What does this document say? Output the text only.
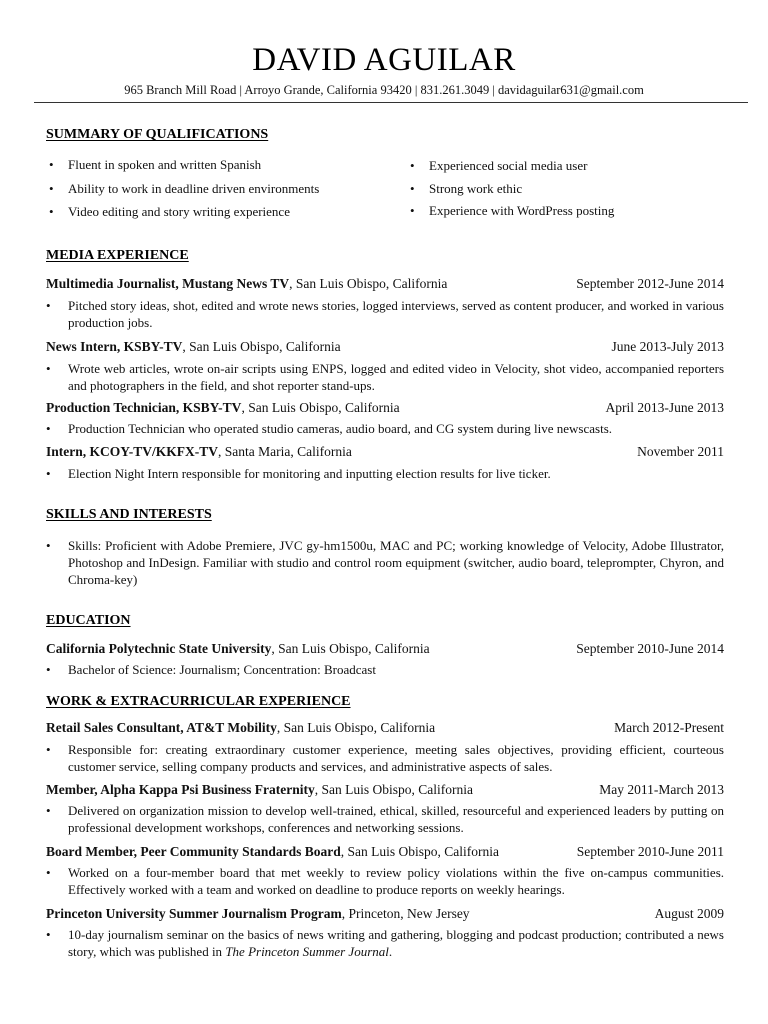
DAVID AGUILAR
965 Branch Mill Road | Arroyo Grande, California 93420 | 831.261.3049 | davidaguilar631@gmail.com
SUMMARY OF QUALIFICATIONS
• Fluent in spoken and written Spanish
• Ability to work in deadline driven environments
• Video editing and story writing experience
• Experienced social media user
• Strong work ethic
• Experience with WordPress posting
MEDIA EXPERIENCE
Multimedia Journalist, Mustang News TV, San Luis Obispo, California	September 2012-June 2014
• Pitched story ideas, shot, edited and wrote news stories, logged interviews, served as content producer, and worked in various production jobs.
News Intern, KSBY-TV, San Luis Obispo, California	June 2013-July 2013
• Wrote web articles, wrote on-air scripts using ENPS, logged and edited video in Velocity, shot video, accompanied reporters and photographers in the field, and shot reporter stand-ups.
Production Technician, KSBY-TV, San Luis Obispo, California	April 2013-June 2013
• Production Technician who operated studio cameras, audio board, and CG system during live newscasts.
Intern, KCOY-TV/KKFX-TV, Santa Maria, California	November 2011
• Election Night Intern responsible for monitoring and inputting election results for live ticker.
SKILLS AND INTERESTS
• Skills: Proficient with Adobe Premiere, JVC gy-hm1500u, MAC and PC; working knowledge of Velocity, Adobe Illustrator, Photoshop and InDesign. Familiar with studio and control room equipment (switcher, audio board, teleprompter, Chyron, and Chroma-key)
EDUCATION
California Polytechnic State University, San Luis Obispo, California	September 2010-June 2014
• Bachelor of Science: Journalism; Concentration: Broadcast
WORK & EXTRACURRICULAR EXPERIENCE
Retail Sales Consultant, AT&T Mobility, San Luis Obispo, California	March 2012-Present
• Responsible for: creating extraordinary customer experience, meeting sales objectives, providing efficient, courteous customer service, selling company products and services, and administrative aspects of sales.
Member, Alpha Kappa Psi Business Fraternity, San Luis Obispo, California	May 2011-March 2013
• Delivered on organization mission to develop well-trained, ethical, skilled, resourceful and experienced leaders by putting on professional development workshops, conferences and networking sessions.
Board Member, Peer Community Standards Board, San Luis Obispo, California	September 2010-June 2011
• Worked on a four-member board that met weekly to review policy violations within the five on-campus communities. Effectively worked with a team and worked on deadline to produce reports on weekly hearings.
Princeton University Summer Journalism Program, Princeton, New Jersey	August 2009
• 10-day journalism seminar on the basics of news writing and gathering, blogging and podcast production; contributed a news story, which was published in The Princeton Summer Journal.
